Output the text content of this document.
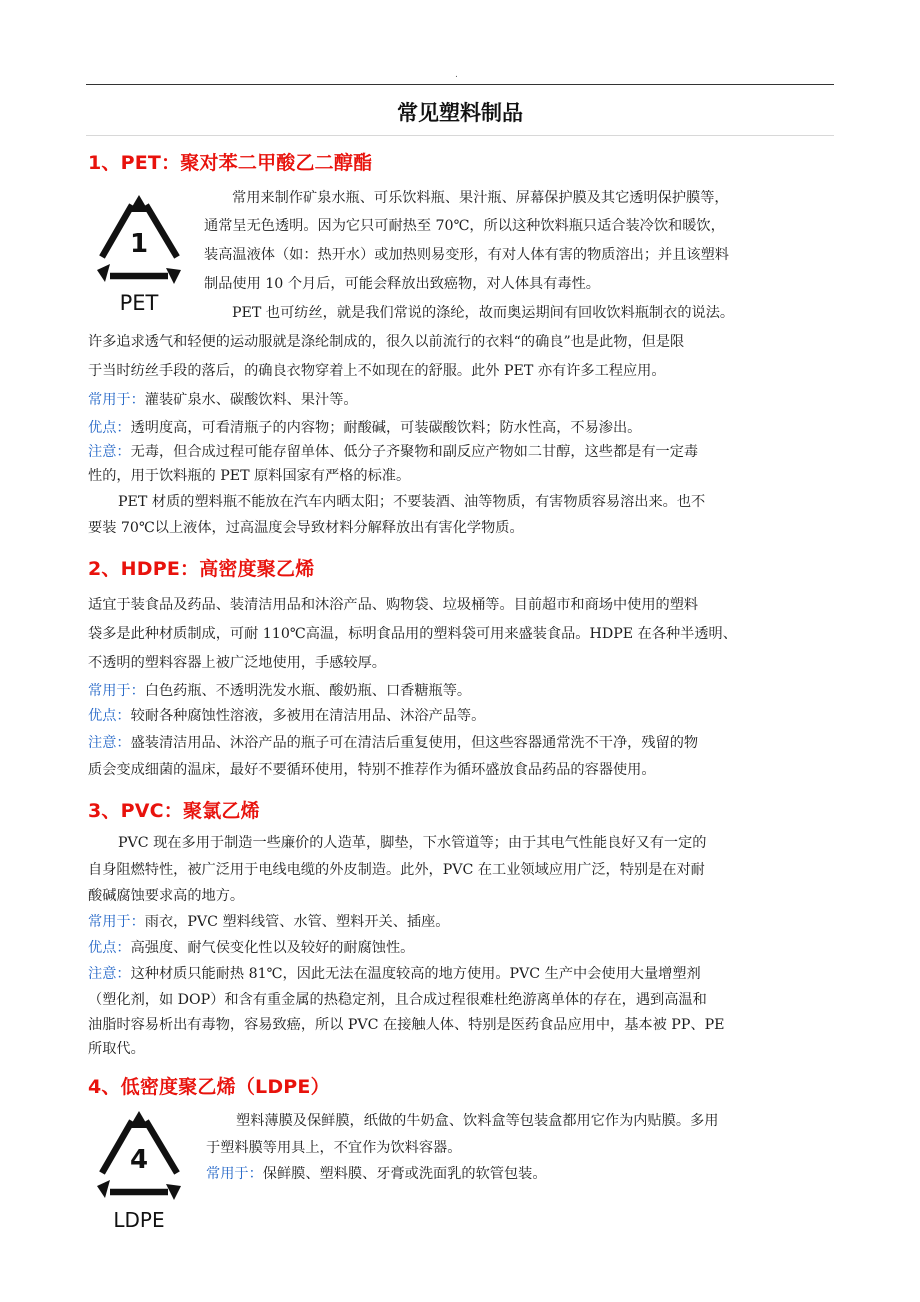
.
常见塑料制品
1、PET：聚对苯二甲酸乙二醇酯
1
PET
常用来制作矿泉水瓶、可乐饮料瓶、果汁瓶、屏幕保护膜及其它透明保护膜等，
通常呈无色透明。因为它只可耐热至 70℃，所以这种饮料瓶只适合装冷饮和暖饮，
装高温液体（如：热开水）或加热则易变形，有对人体有害的物质溶出；并且该塑料
制品使用 10 个月后，可能会释放出致癌物，对人体具有毒性。
PET 也可纺丝，就是我们常说的涤纶，故而奥运期间有回收饮料瓶制衣的说法。
许多追求透气和轻便的运动服就是涤纶制成的，很久以前流行的衣料“的确良”也是此物，但是限
于当时纺丝手段的落后，的确良衣物穿着上不如现在的舒服。此外 PET 亦有许多工程应用。
常用于：灌装矿泉水、碳酸饮料、果汁等。
优点：透明度高，可看清瓶子的内容物；耐酸碱，可装碳酸饮料；防水性高，不易渗出。
注意：无毒，但合成过程可能存留单体、低分子齐聚物和副反应产物如二甘醇，这些都是有一定毒
性的，用于饮料瓶的 PET 原料国家有严格的标准。
PET 材质的塑料瓶不能放在汽车内晒太阳；不要装酒、油等物质，有害物质容易溶出来。也不
要装 70℃以上液体，过高温度会导致材料分解释放出有害化学物质。
2、HDPE：高密度聚乙烯
适宜于装食品及药品、装清洁用品和沐浴产品、购物袋、垃圾桶等。目前超市和商场中使用的塑料
袋多是此种材质制成，可耐 110℃高温，标明食品用的塑料袋可用来盛装食品。HDPE 在各种半透明、
不透明的塑料容器上被广泛地使用，手感较厚。
常用于：白色药瓶、不透明洗发水瓶、酸奶瓶、口香糖瓶等。
优点：较耐各种腐蚀性溶液，多被用在清洁用品、沐浴产品等。
注意：盛装清洁用品、沐浴产品的瓶子可在清洁后重复使用，但这些容器通常洗不干净，残留的物
质会变成细菌的温床，最好不要循环使用，特别不推荐作为循环盛放食品药品的容器使用。
3、PVC：聚氯乙烯
PVC 现在多用于制造一些廉价的人造革，脚垫，下水管道等；由于其电气性能良好又有一定的
自身阻燃特性，被广泛用于电线电缆的外皮制造。此外，PVC 在工业领域应用广泛，特别是在对耐
酸碱腐蚀要求高的地方。
常用于：雨衣，PVC 塑料线管、水管、塑料开关、插座。
优点：高强度、耐气侯变化性以及较好的耐腐蚀性。
注意：这种材质只能耐热 81℃，因此无法在温度较高的地方使用。PVC 生产中会使用大量增塑剂
（塑化剂，如 DOP）和含有重金属的热稳定剂，且合成过程很难杜绝游离单体的存在，遇到高温和
油脂时容易析出有毒物，容易致癌，所以 PVC 在接触人体、特别是医药食品应用中，基本被 PP、PE
所取代。
4、低密度聚乙烯（LDPE）
4
LDPE
塑料薄膜及保鲜膜，纸做的牛奶盒、饮料盒等包装盒都用它作为内贴膜。多用
于塑料膜等用具上，不宜作为饮料容器。
常用于：保鲜膜、塑料膜、牙膏或洗面乳的软管包装。
